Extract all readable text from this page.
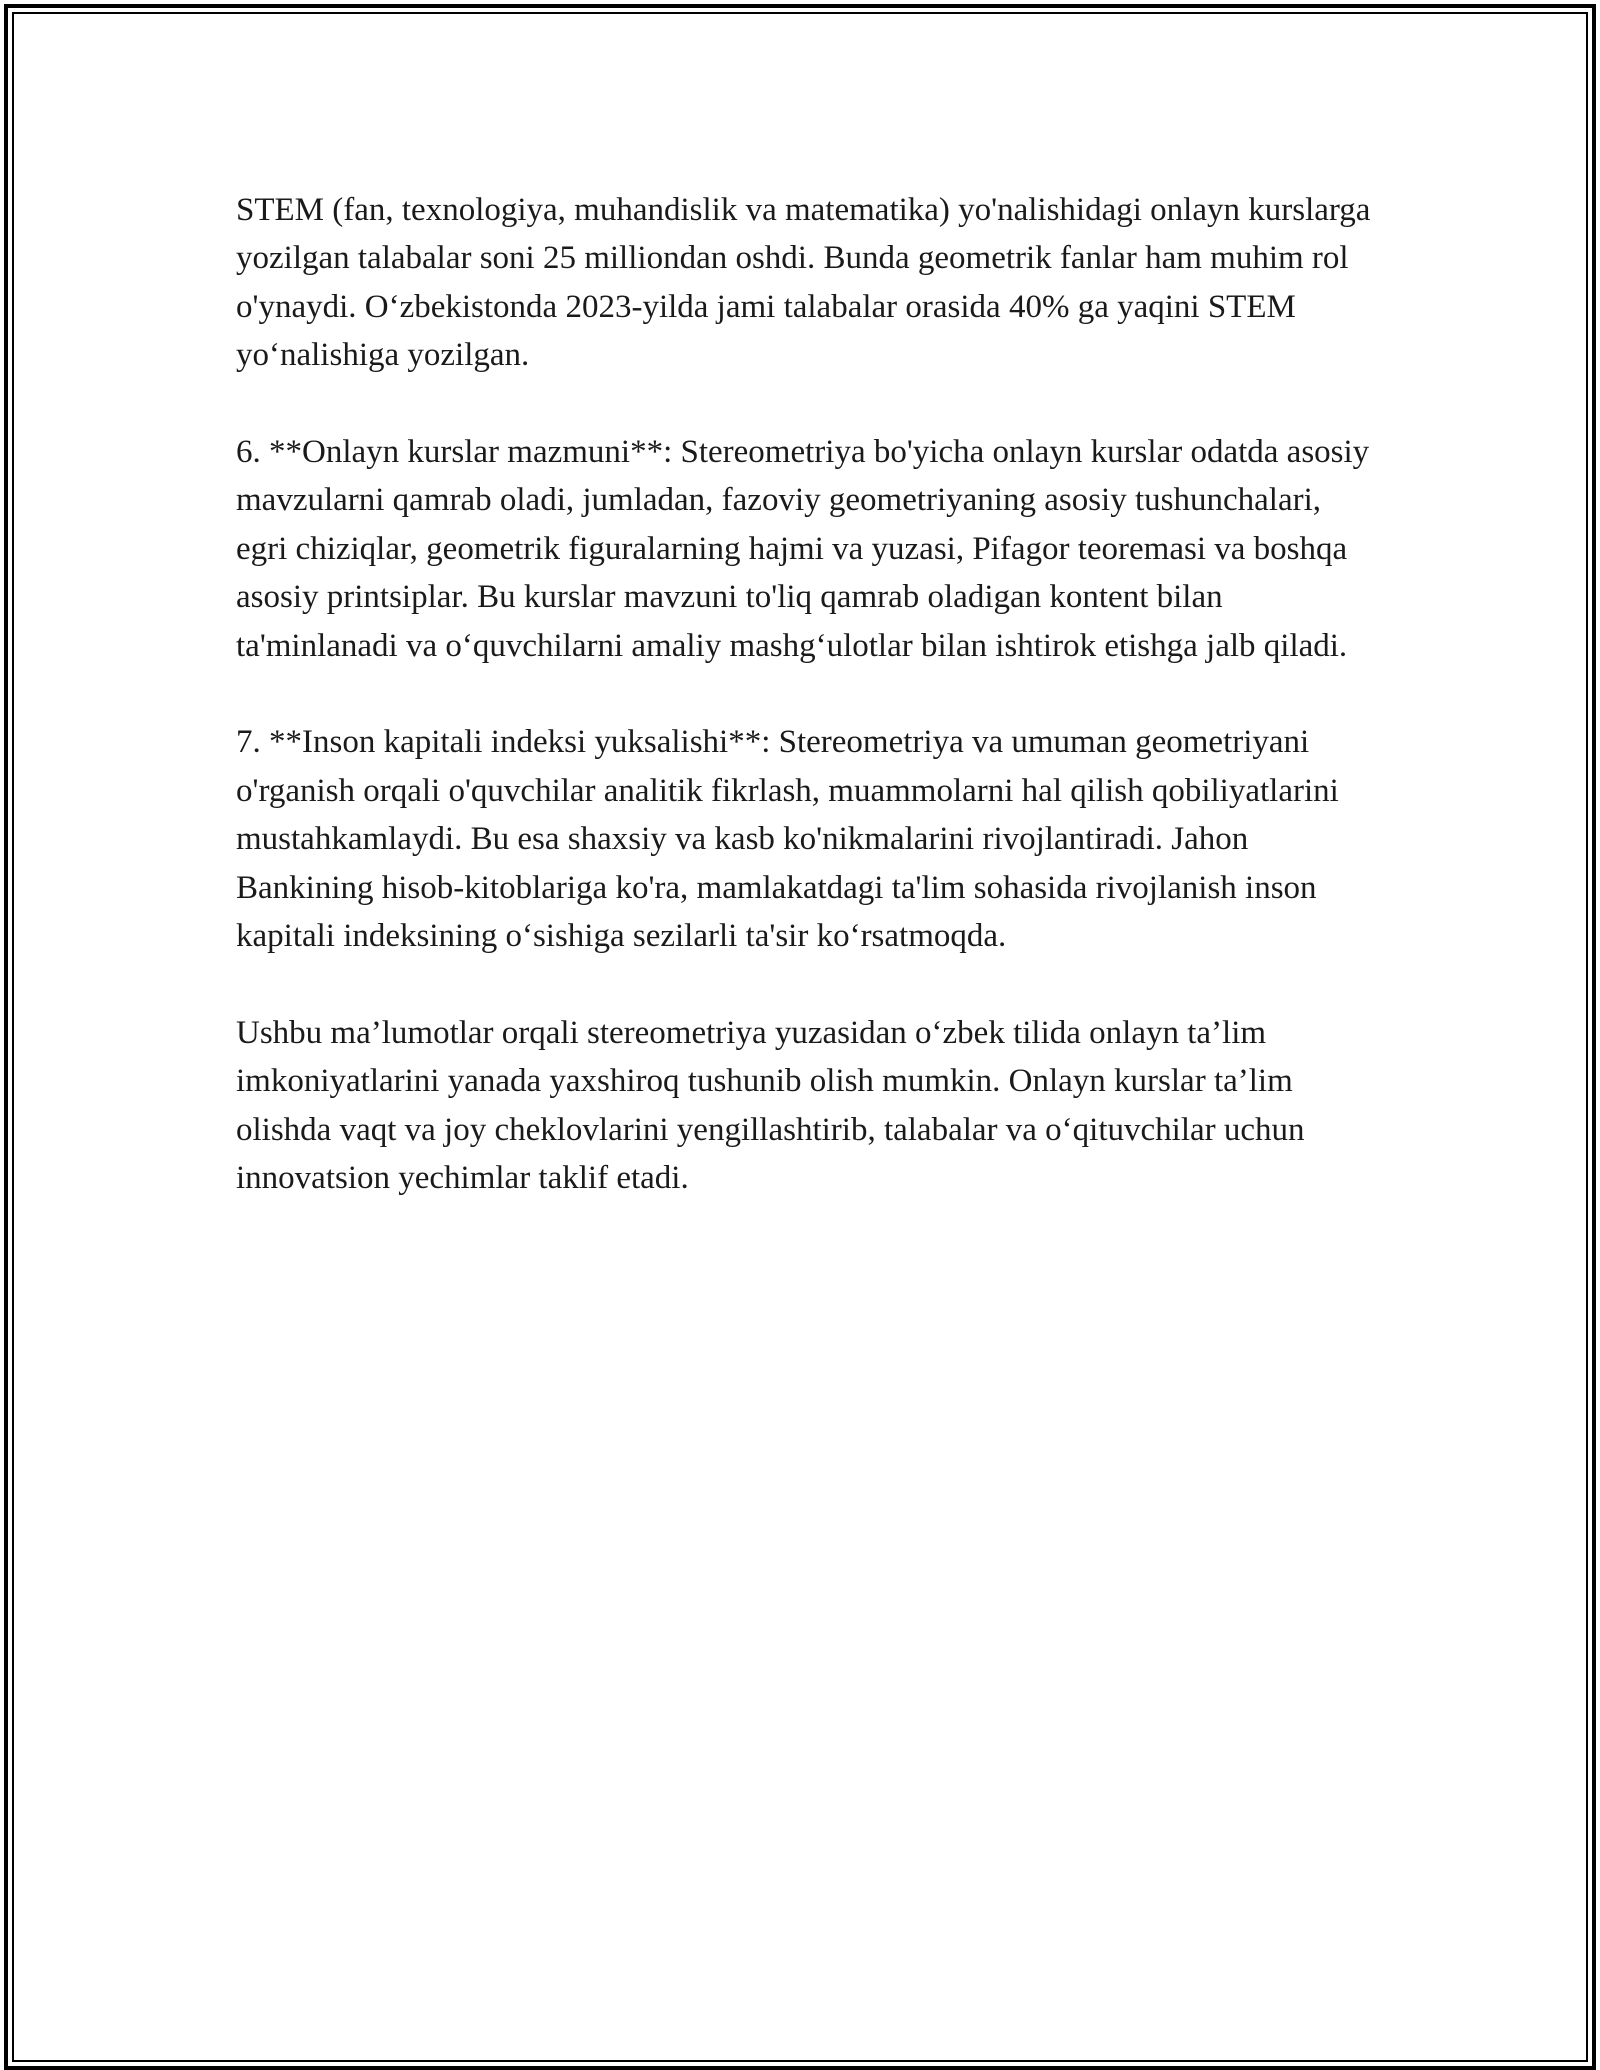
STEM (fan, texnologiya, muhandislik va matematika) yo'nalishidagi onlayn kurslarga yozilgan talabalar soni 25 milliondan oshdi. Bunda geometrik fanlar ham muhim rol o'ynaydi. O‘zbekistonda 2023-yilda jami talabalar orasida 40% ga yaqini STEM yo‘nalishiga yozilgan.

6. **Onlayn kurslar mazmuni**: Stereometriya bo'yicha onlayn kurslar odatda asosiy mavzularni qamrab oladi, jumladan, fazoviy geometriyaning asosiy tushunchalari, egri chiziqlar, geometrik figuralarning hajmi va yuzasi, Pifagor teoremasi va boshqa asosiy printsiplar. Bu kurslar mavzuni to'liq qamrab oladigan kontent bilan ta'minlanadi va o‘quvchilarni amaliy mashg‘ulotlar bilan ishtirok etishga jalb qiladi.

7. **Inson kapitali indeksi yuksalishi**: Stereometriya va umuman geometriyani o'rganish orqali o'quvchilar analitik fikrlash, muammolarni hal qilish qobiliyatlarini mustahkamlaydi. Bu esa shaxsiy va kasb ko'nikmalarini rivojlantiradi. Jahon Bankining hisob-kitoblariga ko'ra, mamlakatdagi ta'lim sohasida rivojlanish inson kapitali indeksining o‘sishiga sezilarli ta'sir ko‘rsatmoqda.

Ushbu ma’lumotlar orqali stereometriya yuzasidan o‘zbek tilida onlayn ta’lim imkoniyatlarini yanada yaxshiroq tushunib olish mumkin. Onlayn kurslar ta’lim olishda vaqt va joy cheklovlarini yengillashtirib, talabalar va o‘qituvchilar uchun innovatsion yechimlar taklif etadi.
